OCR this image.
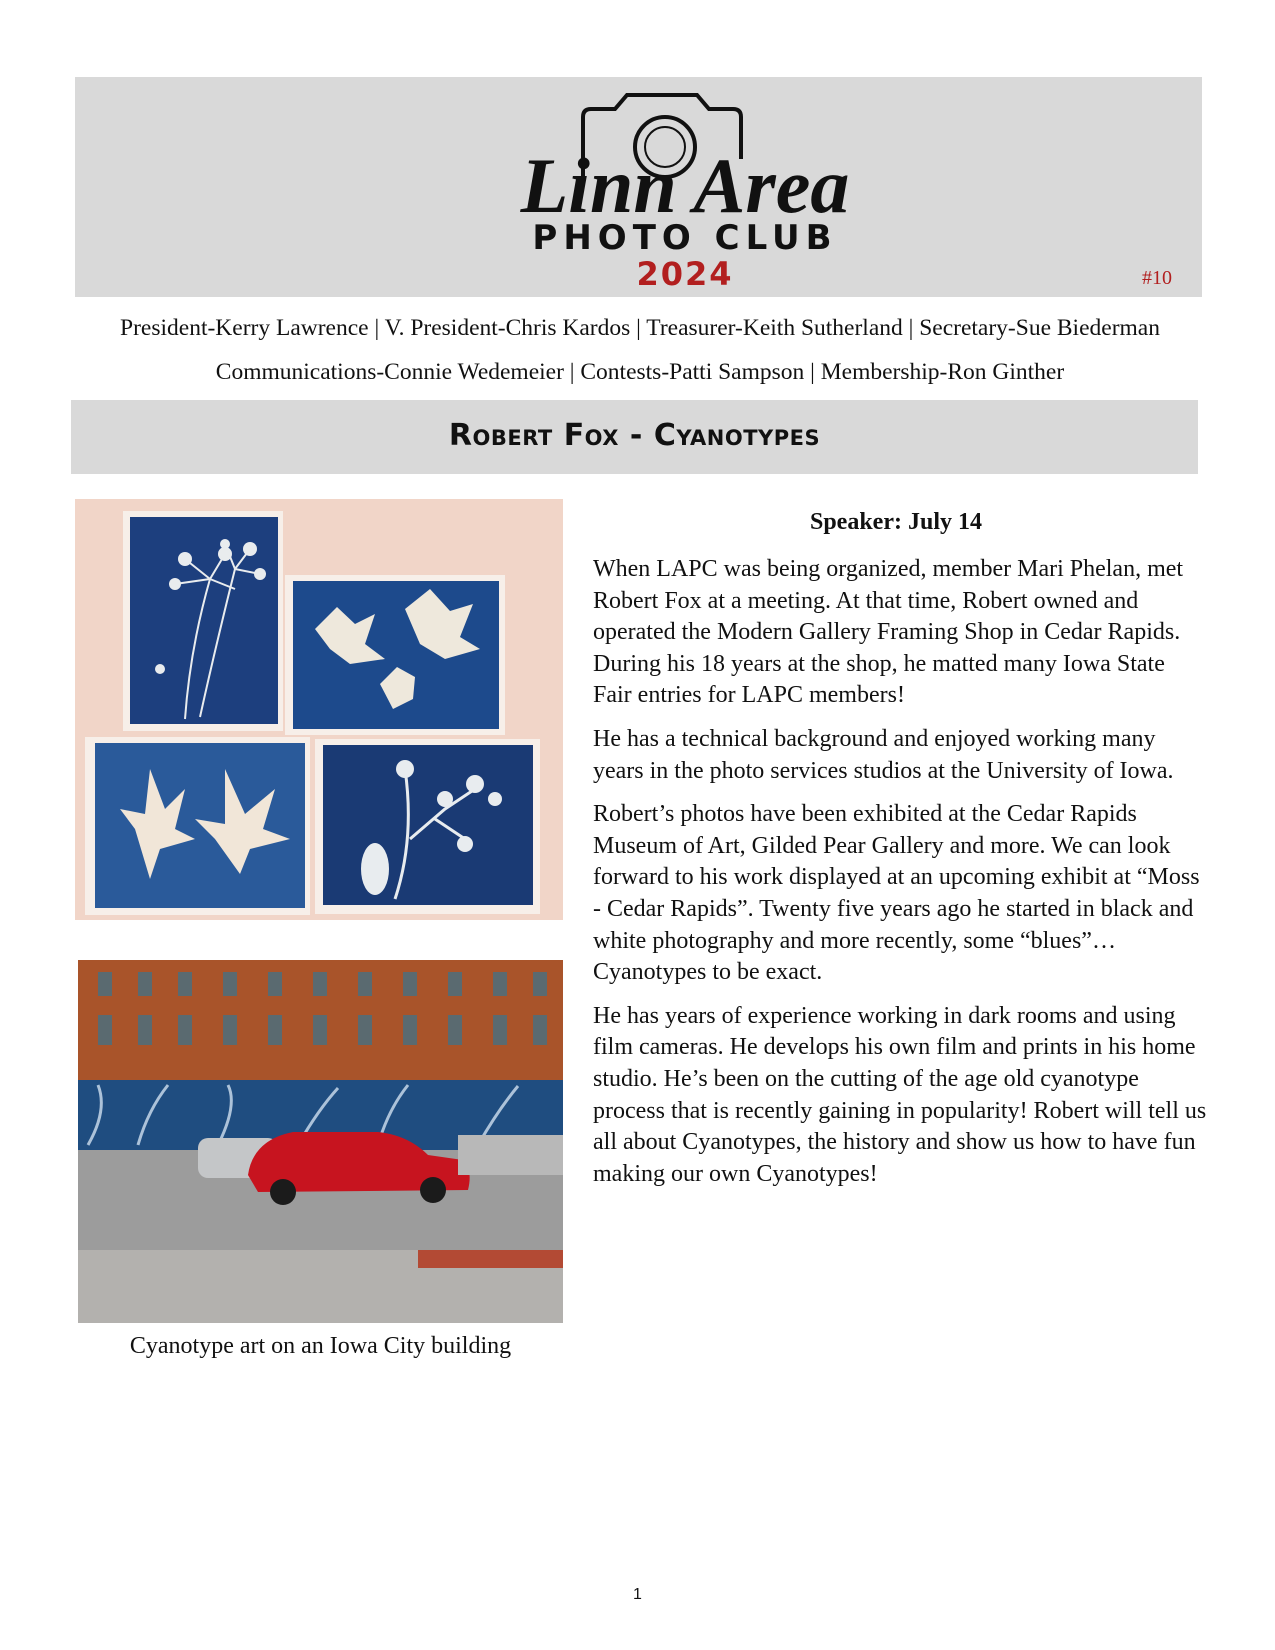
Linn Area
PHOTO CLUB
2024	#10
President-Kerry Lawrence | V. President-Chris Kardos | Treasurer-Keith Sutherland | Secretary-Sue Biederman
Communications-Connie Wedemeier | Contests-Patti Sampson | Membership-Ron Ginther
Robert Fox - Cyanotypes
Cyanotype art on an Iowa City building
Speaker: July 14

When LAPC was being organized, member Mari Phelan, met Robert Fox at a meeting. At that time, Robert owned and operated the Modern Gallery Framing Shop in Cedar Rapids. During his 18 years at the shop, he matted many Iowa State Fair entries for LAPC members!

He has a technical background and enjoyed working many years in the photo services studios at the University of Iowa.

Robert’s photos have been exhibited at the Cedar Rapids Museum of Art, Gilded Pear Gallery and more. We can look forward to his work displayed at an upcoming exhibit at “Moss - Cedar Rapids”. Twenty five years ago he started in black and white photography and more recently, some “blues”… Cyanotypes to be exact.

He has years of experience working in dark rooms and using film cameras. He develops his own film and prints in his home studio. He’s been on the cutting of the age old cyanotype process that is recently gaining in popularity! Robert will tell us all about Cyanotypes, the history and show us how to have fun making our own Cyanotypes!

1
